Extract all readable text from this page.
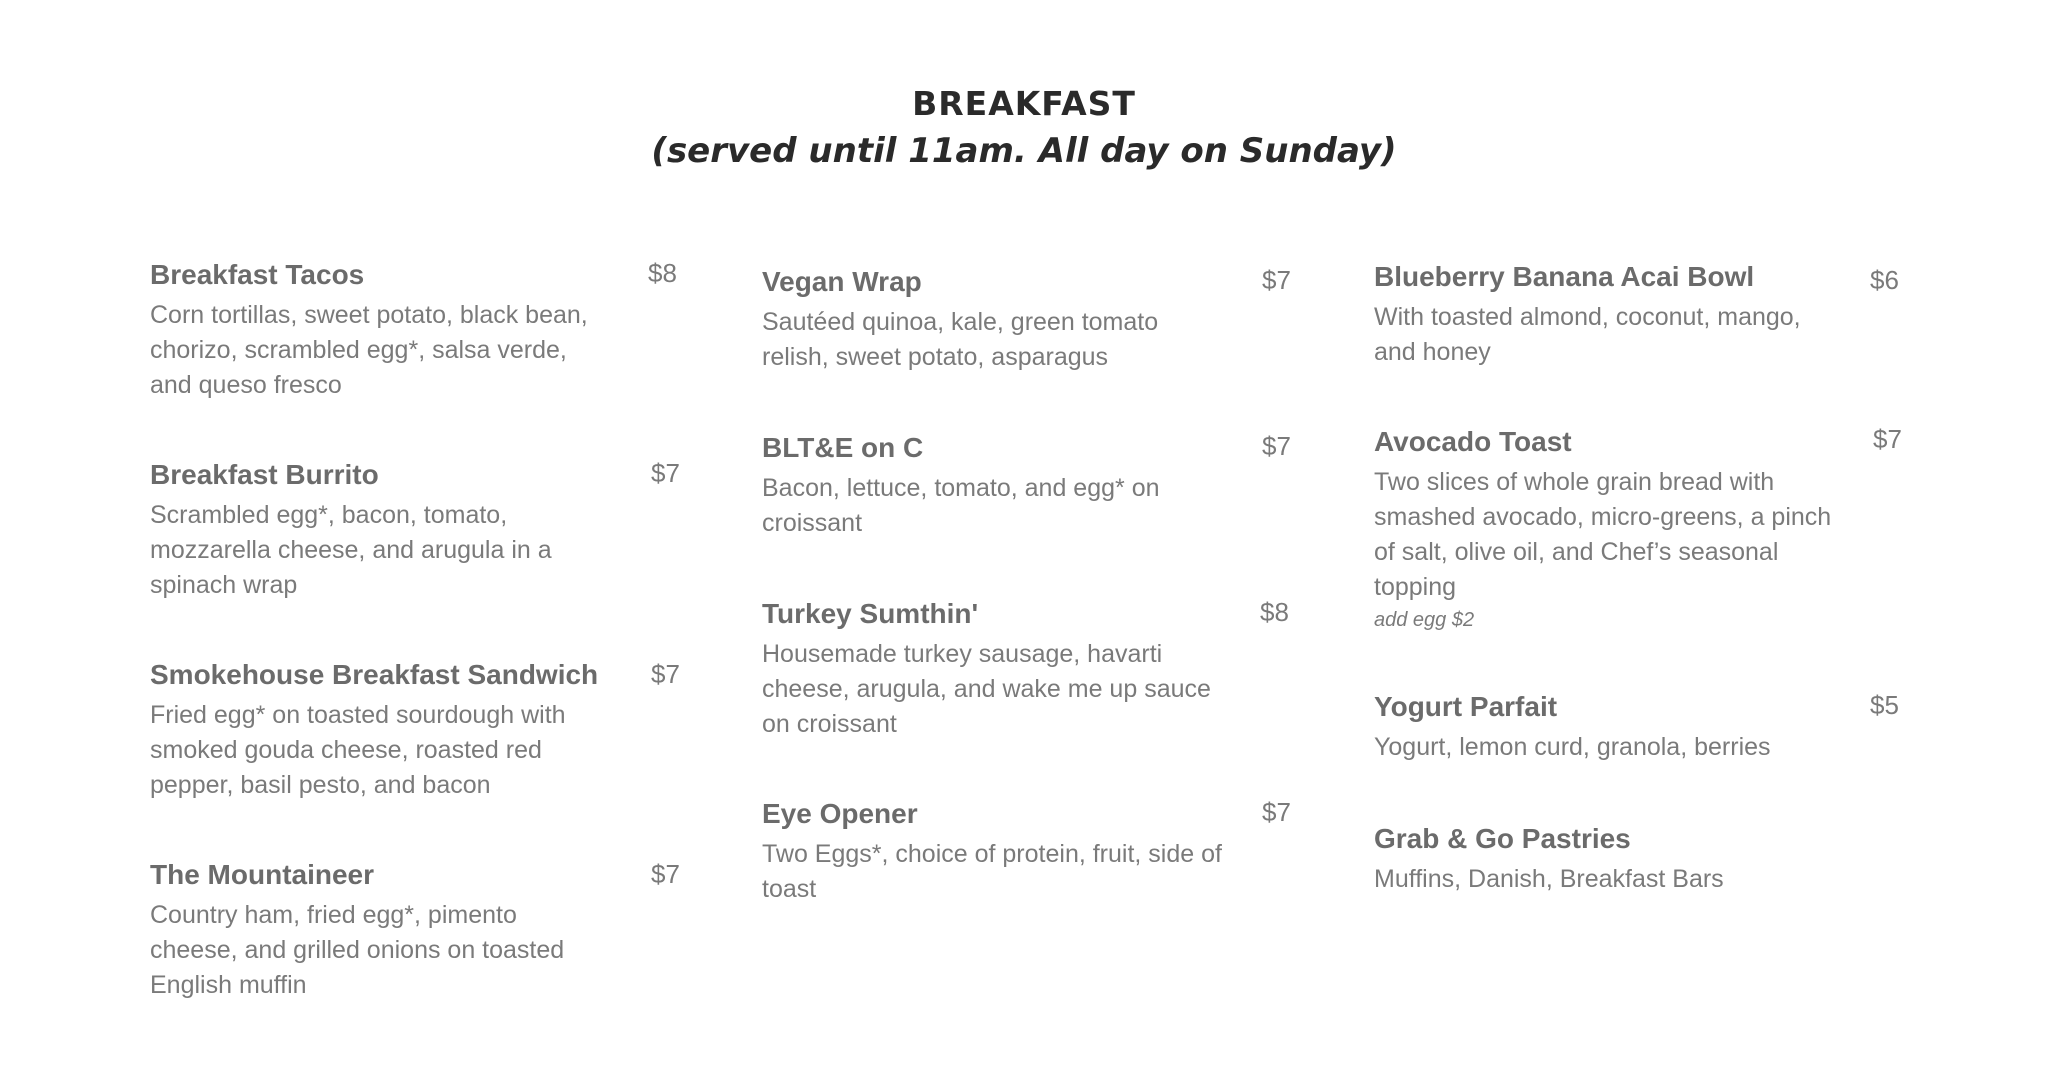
BREAKFAST
(served until 11am. All day on Sunday)
Breakfast Tacos
Corn tortillas, sweet potato, black bean, chorizo, scrambled egg*, salsa verde, and queso fresco
$8
Breakfast Burrito
Scrambled egg*, bacon, tomato, mozzarella cheese, and arugula in a spinach wrap
$7
Smokehouse Breakfast Sandwich
Fried egg* on toasted sourdough with smoked gouda cheese, roasted red pepper, basil pesto, and bacon
$7
The Mountaineer
Country ham, fried egg*, pimento cheese, and grilled onions on toasted English muffin
$7
Vegan Wrap
Sautéed quinoa, kale, green tomato relish, sweet potato, asparagus
$7
BLT&E on C
Bacon, lettuce, tomato, and egg* on croissant
$7
Turkey Sumthin'
Housemade turkey sausage, havarti cheese, arugula, and wake me up sauce on croissant
$8
Eye Opener
Two Eggs*, choice of protein, fruit, side of toast
$7
Blueberry Banana Acai Bowl
With toasted almond, coconut, mango, and honey
$6
Avocado Toast
Two slices of whole grain bread with smashed avocado, micro-greens, a pinch of salt, olive oil, and Chef’s seasonal topping
add egg $2
$7
Yogurt Parfait
Yogurt, lemon curd, granola, berries
$5
Grab & Go Pastries
Muffins, Danish, Breakfast Bars
